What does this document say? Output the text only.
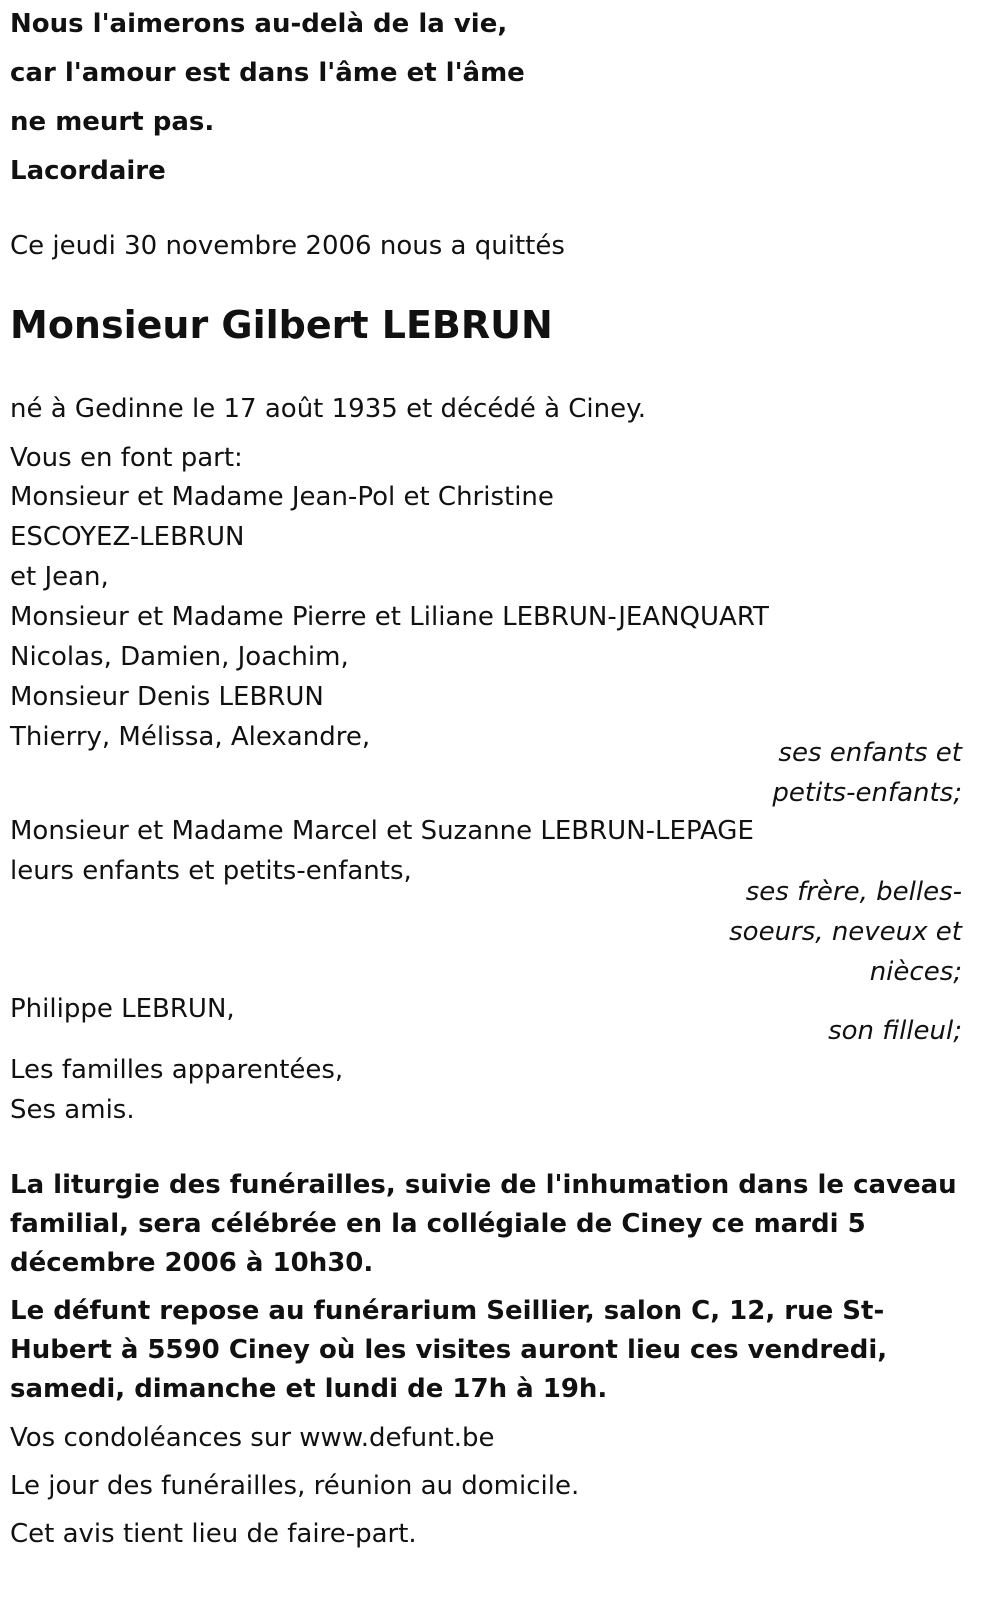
Nous l'aimerons au-delà de la vie,

car l'amour est dans l'âme et l'âme

ne meurt pas.

Lacordaire

Ce jeudi 30 novembre 2006 nous a quittés

Monsieur Gilbert LEBRUN

né à Gedinne le 17 août 1935 et décédé à Ciney.

Vous en font part:

Monsieur et Madame Jean-Pol et Christine

ESCOYEZ-LEBRUN

et Jean,

Monsieur et Madame Pierre et Liliane LEBRUN-JEANQUART

Nicolas, Damien, Joachim,

Monsieur Denis LEBRUN

Thierry, Mélissa, Alexandre,

ses enfants et

petits-enfants;

Monsieur et Madame Marcel et Suzanne LEBRUN-LEPAGE

leurs enfants et petits-enfants,

ses frère, belles-

soeurs, neveux et

nièces;

Philippe LEBRUN,

son filleul;

Les familles apparentées,

Ses amis.

La liturgie des funérailles, suivie de l'inhumation dans le caveau familial, sera célébrée en la collégiale de Ciney ce mardi 5 décembre 2006 à 10h30.

Le défunt repose au funérarium Seillier, salon C, 12, rue St-Hubert à 5590 Ciney où les visites auront lieu ces vendredi, samedi, dimanche et lundi de 17h à 19h.

Vos condoléances sur www.defunt.be

Le jour des funérailles, réunion au domicile.

Cet avis tient lieu de faire-part.
